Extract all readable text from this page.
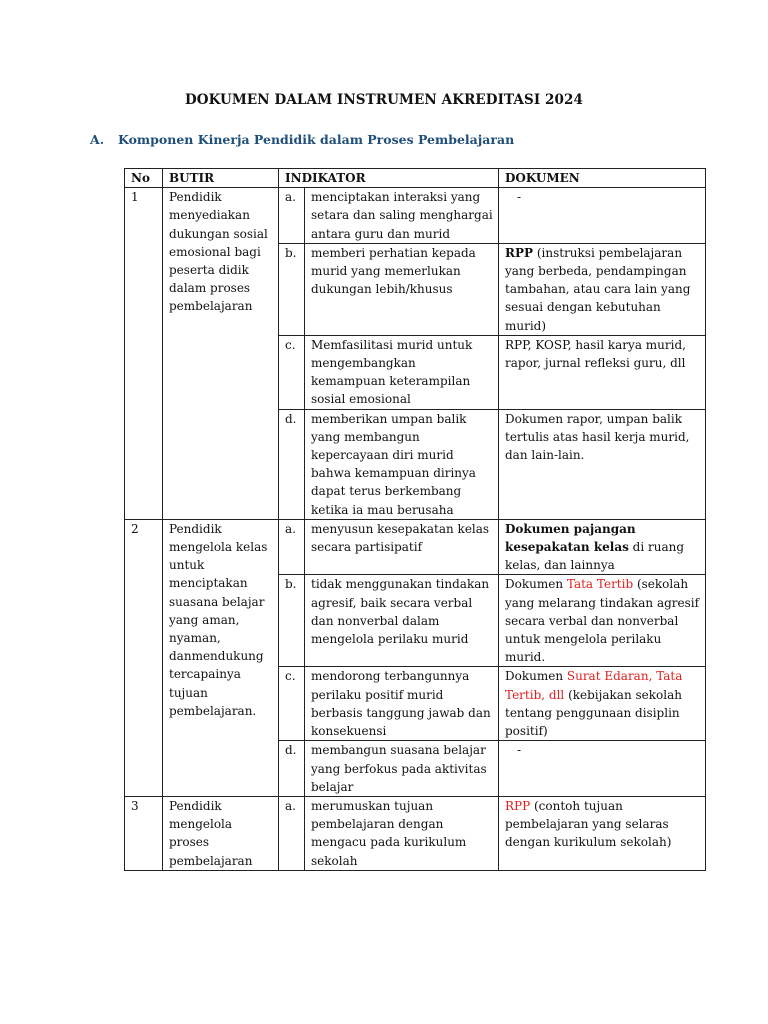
DOKUMEN DALAM INSTRUMEN AKREDITASI 2024
A. Komponen Kinerja Pendidik dalam Proses Pembelajaran
No	BUTIR	INDIKATOR		DOKUMEN
1	Pendidik menyediakan dukungan sosial emosional bagi peserta didik dalam proses pembelajaran	a.	menciptakan interaksi yang setara dan saling menghargai antara guru dan murid	-

		b.	memberi perhatian kepada murid yang memerlukan dukungan lebih/khusus	RPP (instruksi pembelajaran yang berbeda, pendampingan tambahan, atau cara lain yang sesuai dengan kebutuhan murid)
		c.	Memfasilitasi murid untuk mengembangkan kemampuan keterampilan sosial emosional	RPP, KOSP, hasil karya murid, rapor, jurnal refleksi guru, dll
		d.	memberikan umpan balik yang membangun kepercayaan diri murid bahwa kemampuan dirinya dapat terus berkembang ketika ia mau berusaha	Dokumen rapor, umpan balik tertulis atas hasil kerja murid, dan lain-lain.
2	Pendidik mengelola kelas untuk menciptakan suasana belajar yang aman, nyaman, danmendukung tercapainya tujuan pembelajaran.	a.	menyusun kesepakatan kelas secara partisipatif	Dokumen pajangan kesepakatan kelas di ruang kelas, dan lainnya
		b.	tidak menggunakan tindakan agresif, baik secara verbal dan nonverbal dalam mengelola perilaku murid	Dokumen Tata Tertib (sekolah yang melarang tindakan agresif secara verbal dan nonverbal untuk mengelola perilaku murid.
		c.	mendorong terbangunnya perilaku positif murid berbasis tanggung jawab dan konsekuensi	Dokumen Surat Edaran, Tata Tertib, dll (kebijakan sekolah tentang penggunaan disiplin positif)
		d.	membangun suasana belajar yang berfokus pada aktivitas belajar	-

3	Pendidik mengelola proses pembelajaran	a.	merumuskan tujuan pembelajaran dengan mengacu pada kurikulum sekolah	RPP (contoh tujuan pembelajaran yang selaras dengan kurikulum sekolah)
